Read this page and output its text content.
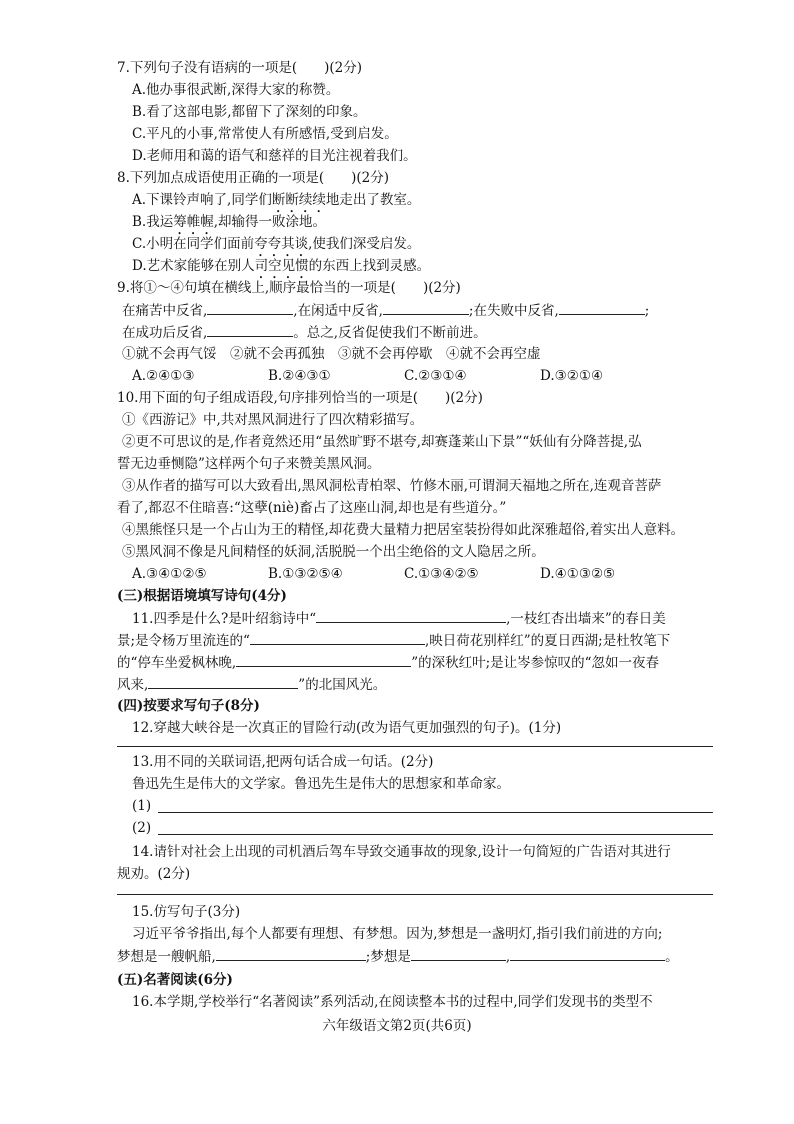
7.下列句子没有语病的一项是(　　)(2分)
A.他办事很武断,深得大家的称赞。
B.看了这部电影,都留下了深刻的印象。
C.平凡的小事,常常使人有所感悟,受到启发。
D.老师用和蔼的语气和慈祥的目光注视着我们。
8.下列加点成语使用正确的一项是(　　)(2分)
A.下课铃声响了,同学们断断续续地走出了教室。
B.我运筹帷幄,却输得一败涂地。
C.小明在同学们面前夸夸其谈,使我们深受启发。
D.艺术家能够在别人司空见惯的东西上找到灵感。
9.将①～④句填在横线上,顺序最恰当的一项是(　　)(2分)
在痛苦中反省,	,在闲适中反省,	;在失败中反省,	;
在成功后反省,	。总之,反省促使我们不断前进。
①就不会再气馁　②就不会再孤独　③就不会再停歇　④就不会再空虚
A.②④①③	B.②④③①	C.②③①④	D.③②①④
10.用下面的句子组成语段,句序排列恰当的一项是(　　)(2分)
①《西游记》中,共对黑风洞进行了四次精彩描写。
②更不可思议的是,作者竟然还用“虽然旷野不堪夸,却赛蓬莱山下景”“妖仙有分降菩提,弘
誓无边垂恻隐”这样两个句子来赞美黑风洞。
③从作者的描写可以大致看出,黑风洞松青柏翠、竹修木丽,可谓洞天福地之所在,连观音菩萨
看了,都忍不住暗喜:“这孽(niè)畜占了这座山洞,却也是有些道分。”
④黑熊怪只是一个占山为王的精怪,却花费大量精力把居室装扮得如此深雅超俗,着实出人意料。
⑤黑风洞不像是凡间精怪的妖洞,活脱脱一个出尘绝俗的文人隐居之所。
A.③④①②⑤	B.①③②⑤④	C.①③④②⑤	D.④①③②⑤
(三)根据语境填写诗句(4分)
11.四季是什么?是叶绍翁诗中“	,一枝红杏出墙来”的春日美
景;是令杨万里流连的“	,映日荷花别样红”的夏日西湖;是杜牧笔下
的“停车坐爱枫林晚,	”的深秋红叶;是让岑参惊叹的“忽如一夜春
风来,	”的北国风光。
(四)按要求写句子(8分)
12.穿越大峡谷是一次真正的冒险行动(改为语气更加强烈的句子)。(1分)
13.用不同的关联词语,把两句话合成一句话。(2分)
鲁迅先生是伟大的文学家。鲁迅先生是伟大的思想家和革命家。
(1)
(2)
14.请针对社会上出现的司机酒后驾车导致交通事故的现象,设计一句简短的广告语对其进行
规劝。(2分)
15.仿写句子(3分)
习近平爷爷指出,每个人都要有理想、有梦想。因为,梦想是一盏明灯,指引我们前进的方向;
梦想是一艘帆船,	;梦想是	,	。
(五)名著阅读(6分)
16.本学期,学校举行“名著阅读”系列活动,在阅读整本书的过程中,同学们发现书的类型不
六年级语文第2页(共6页)
